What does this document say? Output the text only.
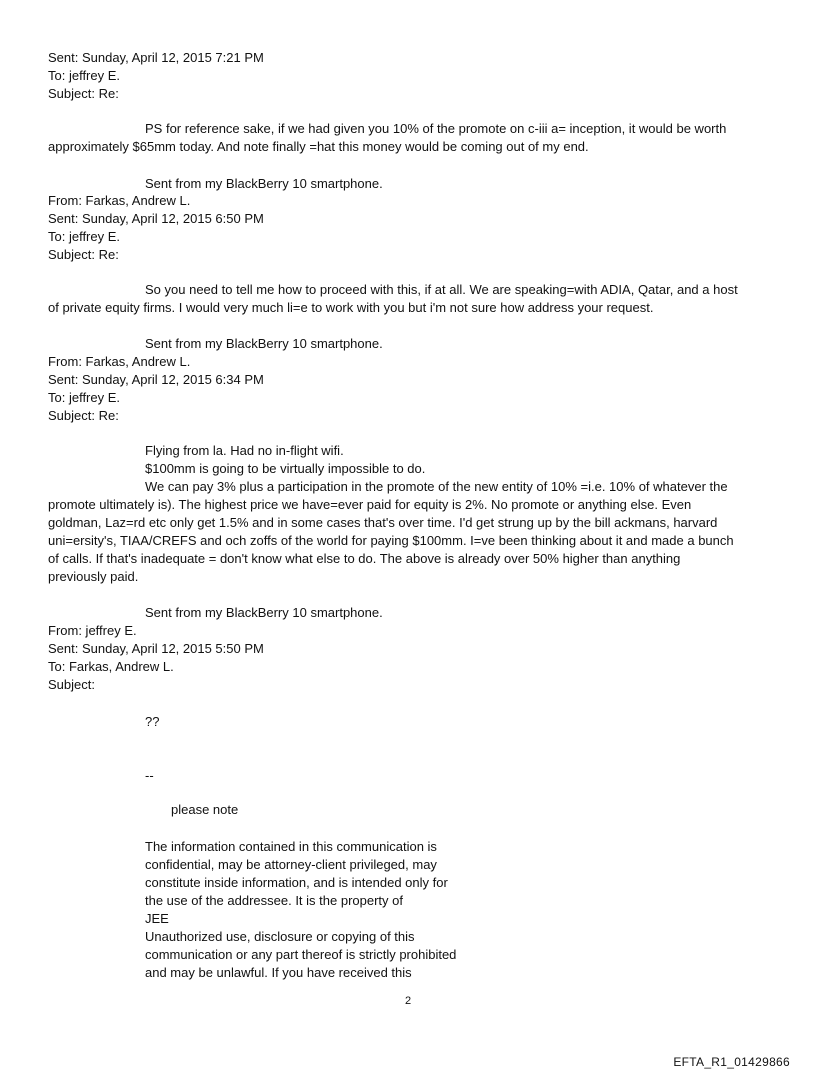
Sent: Sunday, April 12, 2015 7:21 PM

To: jeffrey E.

Subject: Re:

PS for reference sake, if we had given you 10% of the promote on c-iii a= inception, it would be worth

approximately $65mm today. And note finally =hat this money would be coming out of my end.

Sent from my BlackBerry 10 smartphone.

From: Farkas, Andrew L.

Sent: Sunday, April 12, 2015 6:50 PM

To: jeffrey E.

Subject: Re:

So you need to tell me how to proceed with this, if at all. We are speaking=with ADIA, Qatar, and a host

of private equity firms. I would very much li=e to work with you but i'm not sure how address your request.

Sent from my BlackBerry 10 smartphone.

From: Farkas, Andrew L.

Sent: Sunday, April 12, 2015 6:34 PM

To: jeffrey E.

Subject: Re:

Flying from la. Had no in-flight wifi.

$100mm is going to be virtually impossible to do.

We can pay 3% plus a participation in the promote of the new entity of 10% =i.e. 10% of whatever the

promote ultimately is). The highest price we have=ever paid for equity is 2%. No promote or anything else. Even

goldman, Laz=rd etc only get 1.5% and in some cases that's over time. I'd get strung up by the bill ackmans, harvard

uni=ersity's, TIAA/CREFS and och zoffs of the world for paying $100mm. I=ve been thinking about it and made a bunch

of calls. If that's inadequate = don't know what else to do. The above is already over 50% higher than anything

previously paid.

Sent from my BlackBerry 10 smartphone.

From: jeffrey E.

Sent: Sunday, April 12, 2015 5:50 PM

To: Farkas, Andrew L.

Subject:

??

--

please note

The information contained in this communication is

confidential, may be attorney-client privileged, may

constitute inside information, and is intended only for

the use of the addressee. It is the property of

JEE

Unauthorized use, disclosure or copying of this

communication or any part thereof is strictly prohibited

and may be unlawful. If you have received this

2
EFTA_R1_01429866
